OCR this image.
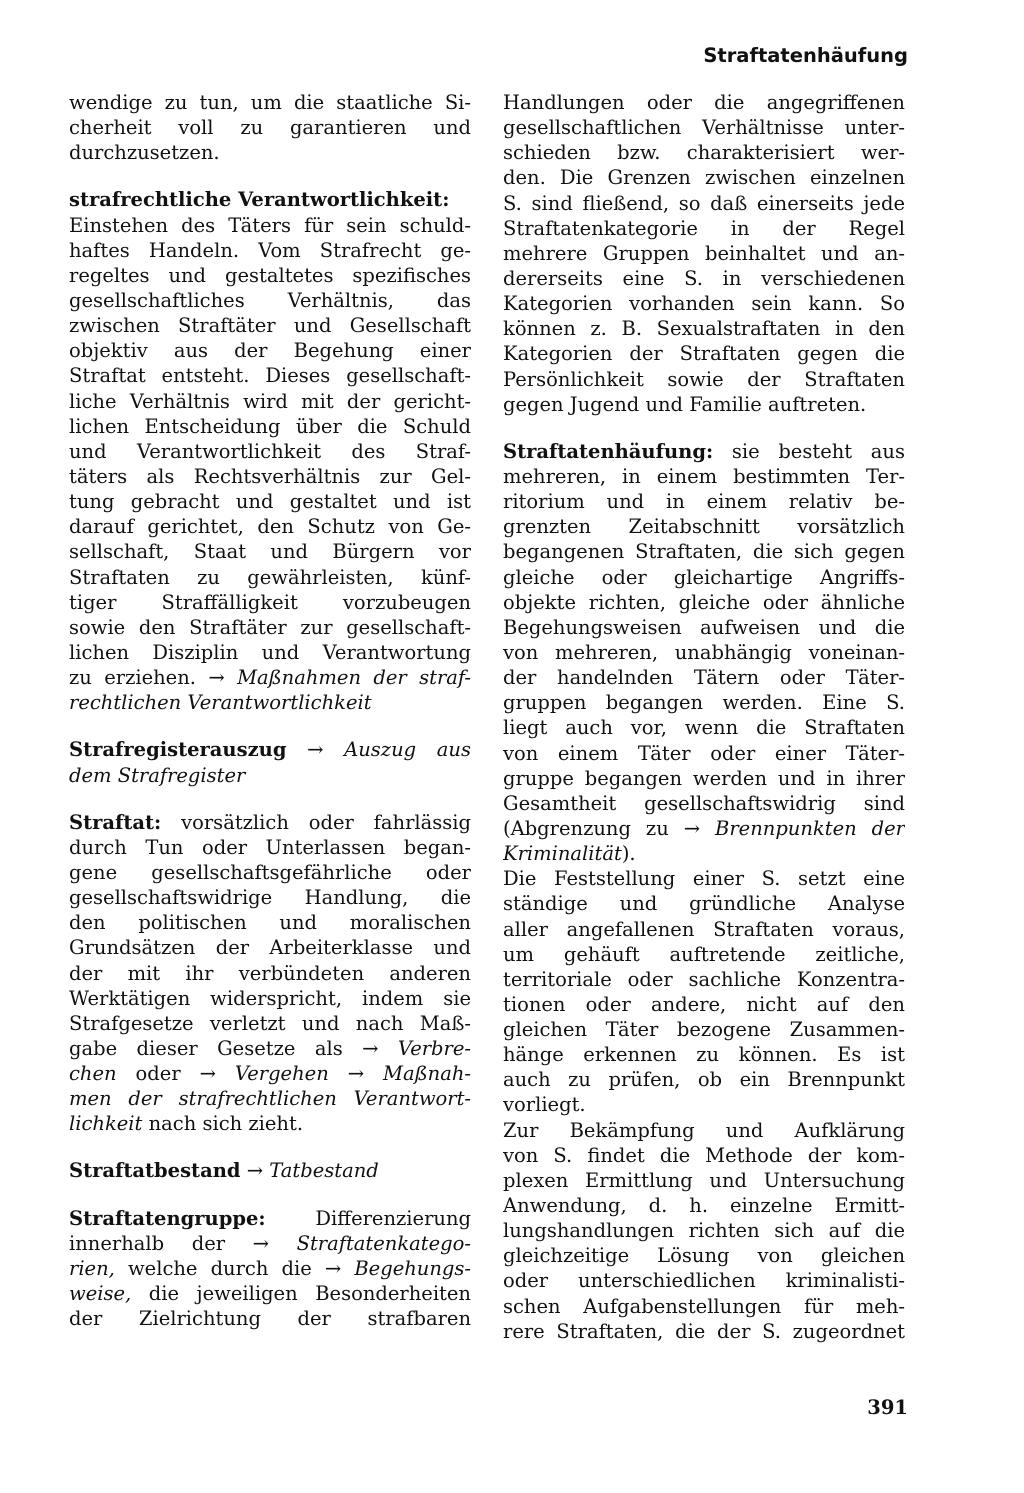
Straftatenhäufung
wendige zu tun, um die staatliche Si-
cherheit voll zu garantieren und
durchzusetzen.
strafrechtliche Verantwortlichkeit:
Einstehen des Täters für sein schuld-
haftes Handeln. Vom Strafrecht ge-
regeltes und gestaltetes spezifisches
gesellschaftliches Verhältnis, das
zwischen Straftäter und Gesellschaft
objektiv aus der Begehung einer
Straftat entsteht. Dieses gesellschaft-
liche Verhältnis wird mit der gericht-
lichen Entscheidung über die Schuld
und Verantwortlichkeit des Straf-
täters als Rechtsverhältnis zur Gel-
tung gebracht und gestaltet und ist
darauf gerichtet, den Schutz von Ge-
sellschaft, Staat und Bürgern vor
Straftaten zu gewährleisten, künf-
tiger Straffälligkeit vorzubeugen
sowie den Straftäter zur gesellschaft-
lichen Disziplin und Verantwortung
zu erziehen. → Maßnahmen der straf-
rechtlichen Verantwortlichkeit
Strafregisterauszug → Auszug aus
dem Strafregister
Straftat: vorsätzlich oder fahrlässig
durch Tun oder Unterlassen began-
gene gesellschaftsgefährliche oder
gesellschaftswidrige Handlung, die
den politischen und moralischen
Grundsätzen der Arbeiterklasse und
der mit ihr verbündeten anderen
Werktätigen widerspricht, indem sie
Strafgesetze verletzt und nach Maß-
gabe dieser Gesetze als → Verbre-
chen oder → Vergehen → Maßnah-
men der strafrechtlichen Verantwort-
lichkeit nach sich zieht.
Straftatbestand → Tatbestand
Straftatengruppe: Differenzierung
innerhalb der → Straftatenkatego-
rien, welche durch die → Begehungs-
weise, die jeweiligen Besonderheiten
der Zielrichtung der strafbaren
Handlungen oder die angegriffenen
gesellschaftlichen Verhältnisse unter-
schieden bzw. charakterisiert wer-
den. Die Grenzen zwischen einzelnen
S. sind fließend, so daß einerseits jede
Straftatenkategorie in der Regel
mehrere Gruppen beinhaltet und an-
dererseits eine S. in verschiedenen
Kategorien vorhanden sein kann. So
können z. B. Sexualstraftaten in den
Kategorien der Straftaten gegen die
Persönlichkeit sowie der Straftaten
gegen Jugend und Familie auftreten.
Straftatenhäufung: sie besteht aus
mehreren, in einem bestimmten Ter-
ritorium und in einem relativ be-
grenzten Zeitabschnitt vorsätzlich
begangenen Straftaten, die sich gegen
gleiche oder gleichartige Angriffs-
objekte richten, gleiche oder ähnliche
Begehungsweisen aufweisen und die
von mehreren, unabhängig voneinan-
der handelnden Tätern oder Täter-
gruppen begangen werden. Eine S.
liegt auch vor, wenn die Straftaten
von einem Täter oder einer Täter-
gruppe begangen werden und in ihrer
Gesamtheit gesellschaftswidrig sind
(Abgrenzung zu → Brennpunkten der
Kriminalität).
Die Feststellung einer S. setzt eine
ständige und gründliche Analyse
aller angefallenen Straftaten voraus,
um gehäuft auftretende zeitliche,
territoriale oder sachliche Konzentra-
tionen oder andere, nicht auf den
gleichen Täter bezogene Zusammen-
hänge erkennen zu können. Es ist
auch zu prüfen, ob ein Brennpunkt
vorliegt.
Zur Bekämpfung und Aufklärung
von S. findet die Methode der kom-
plexen Ermittlung und Untersuchung
Anwendung, d. h. einzelne Ermitt-
lungshandlungen richten sich auf die
gleichzeitige Lösung von gleichen
oder unterschiedlichen kriminalisti-
schen Aufgabenstellungen für meh-
rere Straftaten, die der S. zugeordnet
391
